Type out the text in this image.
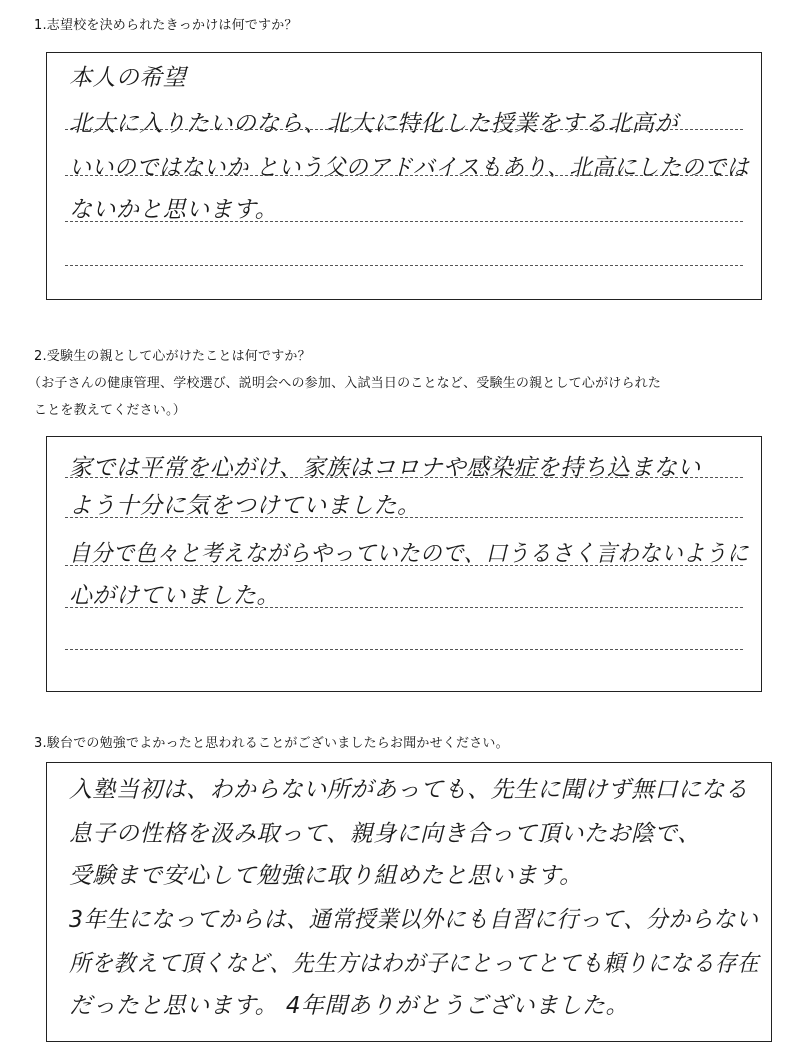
1.志望校を決められたきっかけは何ですか？
本人の希望
北大に入りたいのなら、北大に特化した授業をする北高が
いいのではないか という父のアドバイスもあり、北高にしたのでは
ないかと思います。
2.受験生の親として心がけたことは何ですか？
（お子さんの健康管理、学校選び、説明会への参加、入試当日のことなど、受験生の親として心がけられた
ことを教えてください。）
家では平常を心がけ、家族はコロナや感染症を持ち込まない
よう十分に気をつけていました。
自分で色々と考えながらやっていたので、口うるさく言わないように
心がけていました。
3.駿台での勉強でよかったと思われることがございましたらお聞かせください。
入塾当初は、わからない所があっても、先生に聞けず無口になる
息子の性格を汲み取って、親身に向き合って頂いたお陰で、
受験まで安心して勉強に取り組めたと思います。
3年生になってからは、通常授業以外にも自習に行って、分からない
所を教えて頂くなど、先生方はわが子にとってとても頼りになる存在
だったと思います。 4年間ありがとうございました。
